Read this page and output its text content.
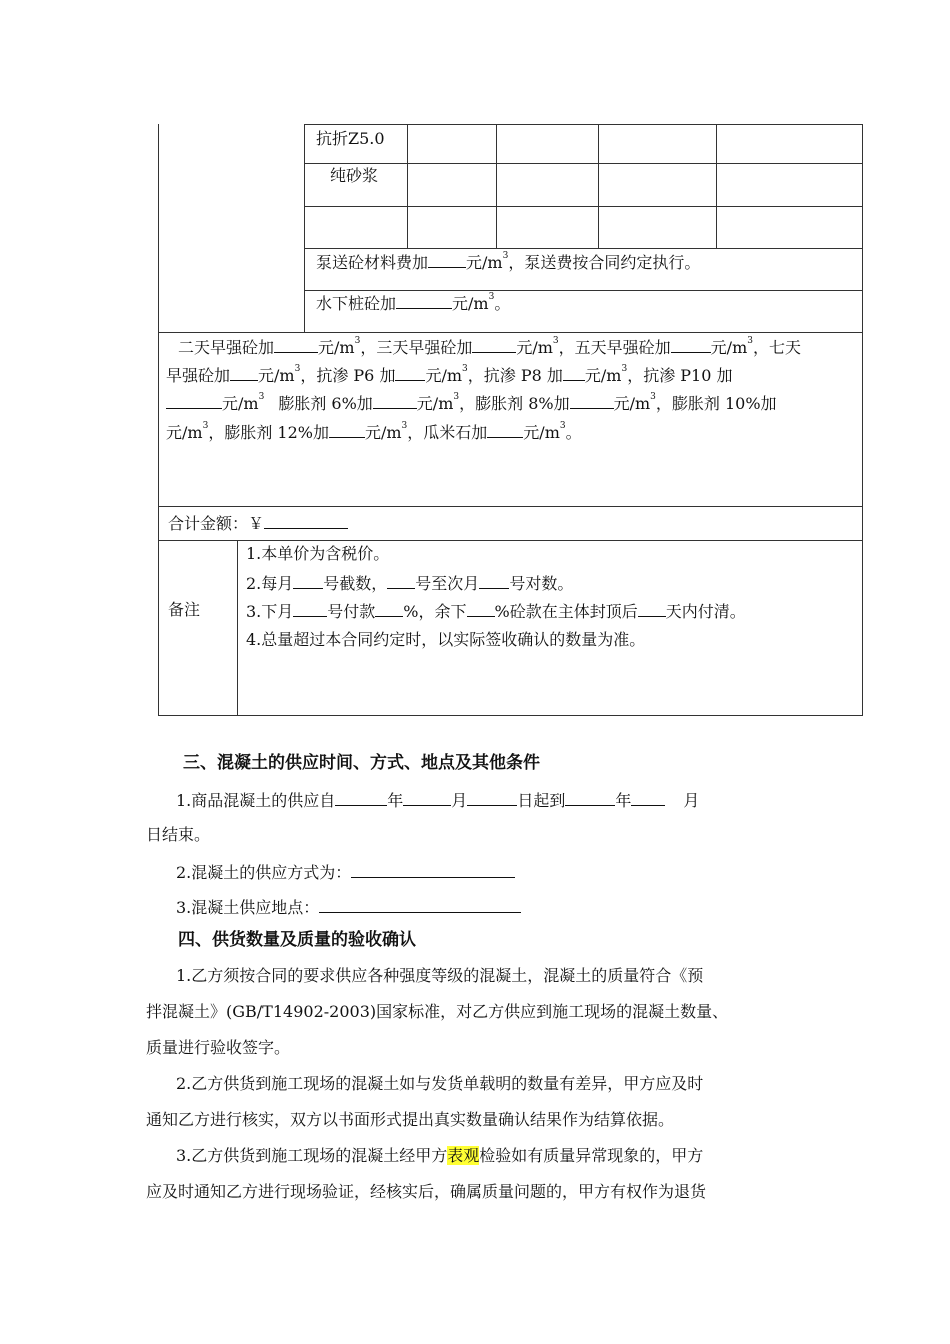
抗折Z5.0
纯砂浆
泵送砼材料费加 元$/m^3$，泵送费按合同约定执行。
水下桩砼加	元$/m^3$。
二天早强砼加	元$/m^3$，三天早强砼加	元$/m^3$，五天早强砼加	元$/m^3$，七天
早强砼加 元$/m^3$，抗渗 P6 加 元$/m^3$，抗渗 P8 加 元$/m^3$，抗渗 P10 加
元$/m^3$ 膨胀剂 6%加	元$/m^3$，膨胀剂 8%加	元$/m^3$，膨胀剂 10%加
元$/m^3$，膨胀剂 12%加 元$/m^3$，瓜米石加 元$/m^3$。
合计金额：￥
备注
1.本单价为含税价。
2.每月 号截数， 号至次月 号对数。
3.下月 号付款 %，余下 %砼款在主体封顶后 天内付清。
4.总量超过本合同约定时，以实际签收确认的数量为准。
三、混凝土的供应时间、方式、地点及其他条件
1.商品混凝土的供应自	年	月	日起到	年	月
日结束。
2.混凝土的供应方式为：
3.混凝土供应地点：
四、供货数量及质量的验收确认
1.乙方须按合同的要求供应各种强度等级的混凝土，混凝土的质量符合《预
拌混凝土》(GB/T14902-2003)国家标准，对乙方供应到施工现场的混凝土数量、
质量进行验收签字。
2.乙方供货到施工现场的混凝土如与发货单载明的数量有差异，甲方应及时
通知乙方进行核实，双方以书面形式提出真实数量确认结果作为结算依据。
3.乙方供货到施工现场的混凝土经甲方表观检验如有质量异常现象的，甲方
应及时通知乙方进行现场验证，经核实后，确属质量问题的，甲方有权作为退货
